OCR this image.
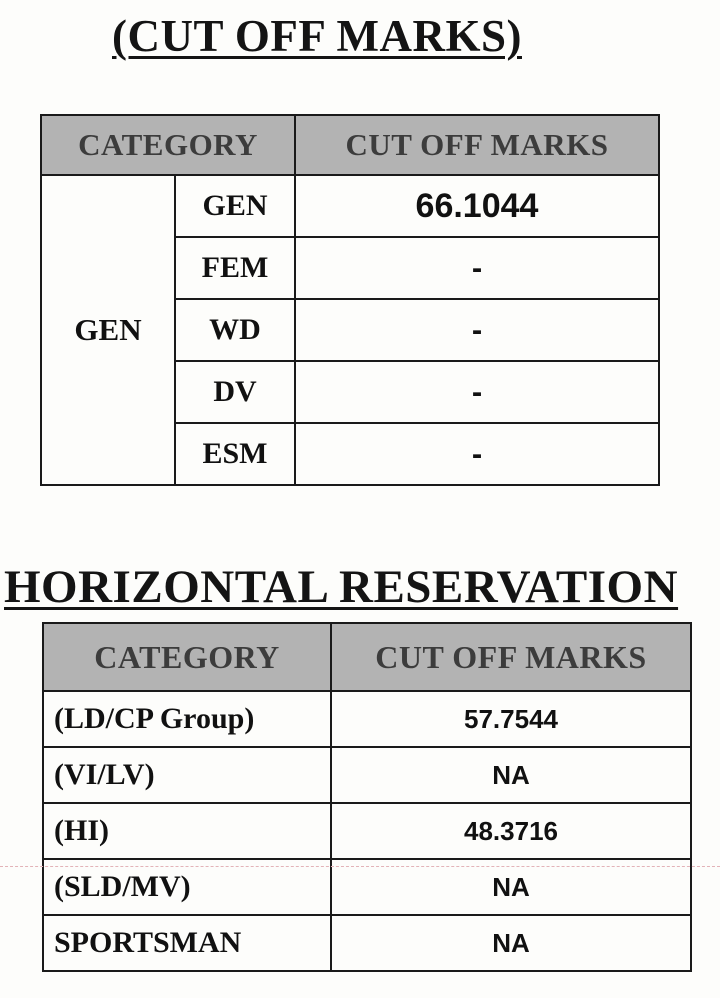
(CUT OFF MARKS)
CATEGORY		CUT OFF MARKS
GEN	GEN	66.1044
	FEM	-
	WD	-
	DV	-
	ESM	-
HORIZONTAL RESERVATION
CATEGORY	CUT OFF MARKS
(LD/CP Group)	57.7544
(VI/LV)	NA
(HI)	48.3716
(SLD/MV)	NA
SPORTSMAN	NA
